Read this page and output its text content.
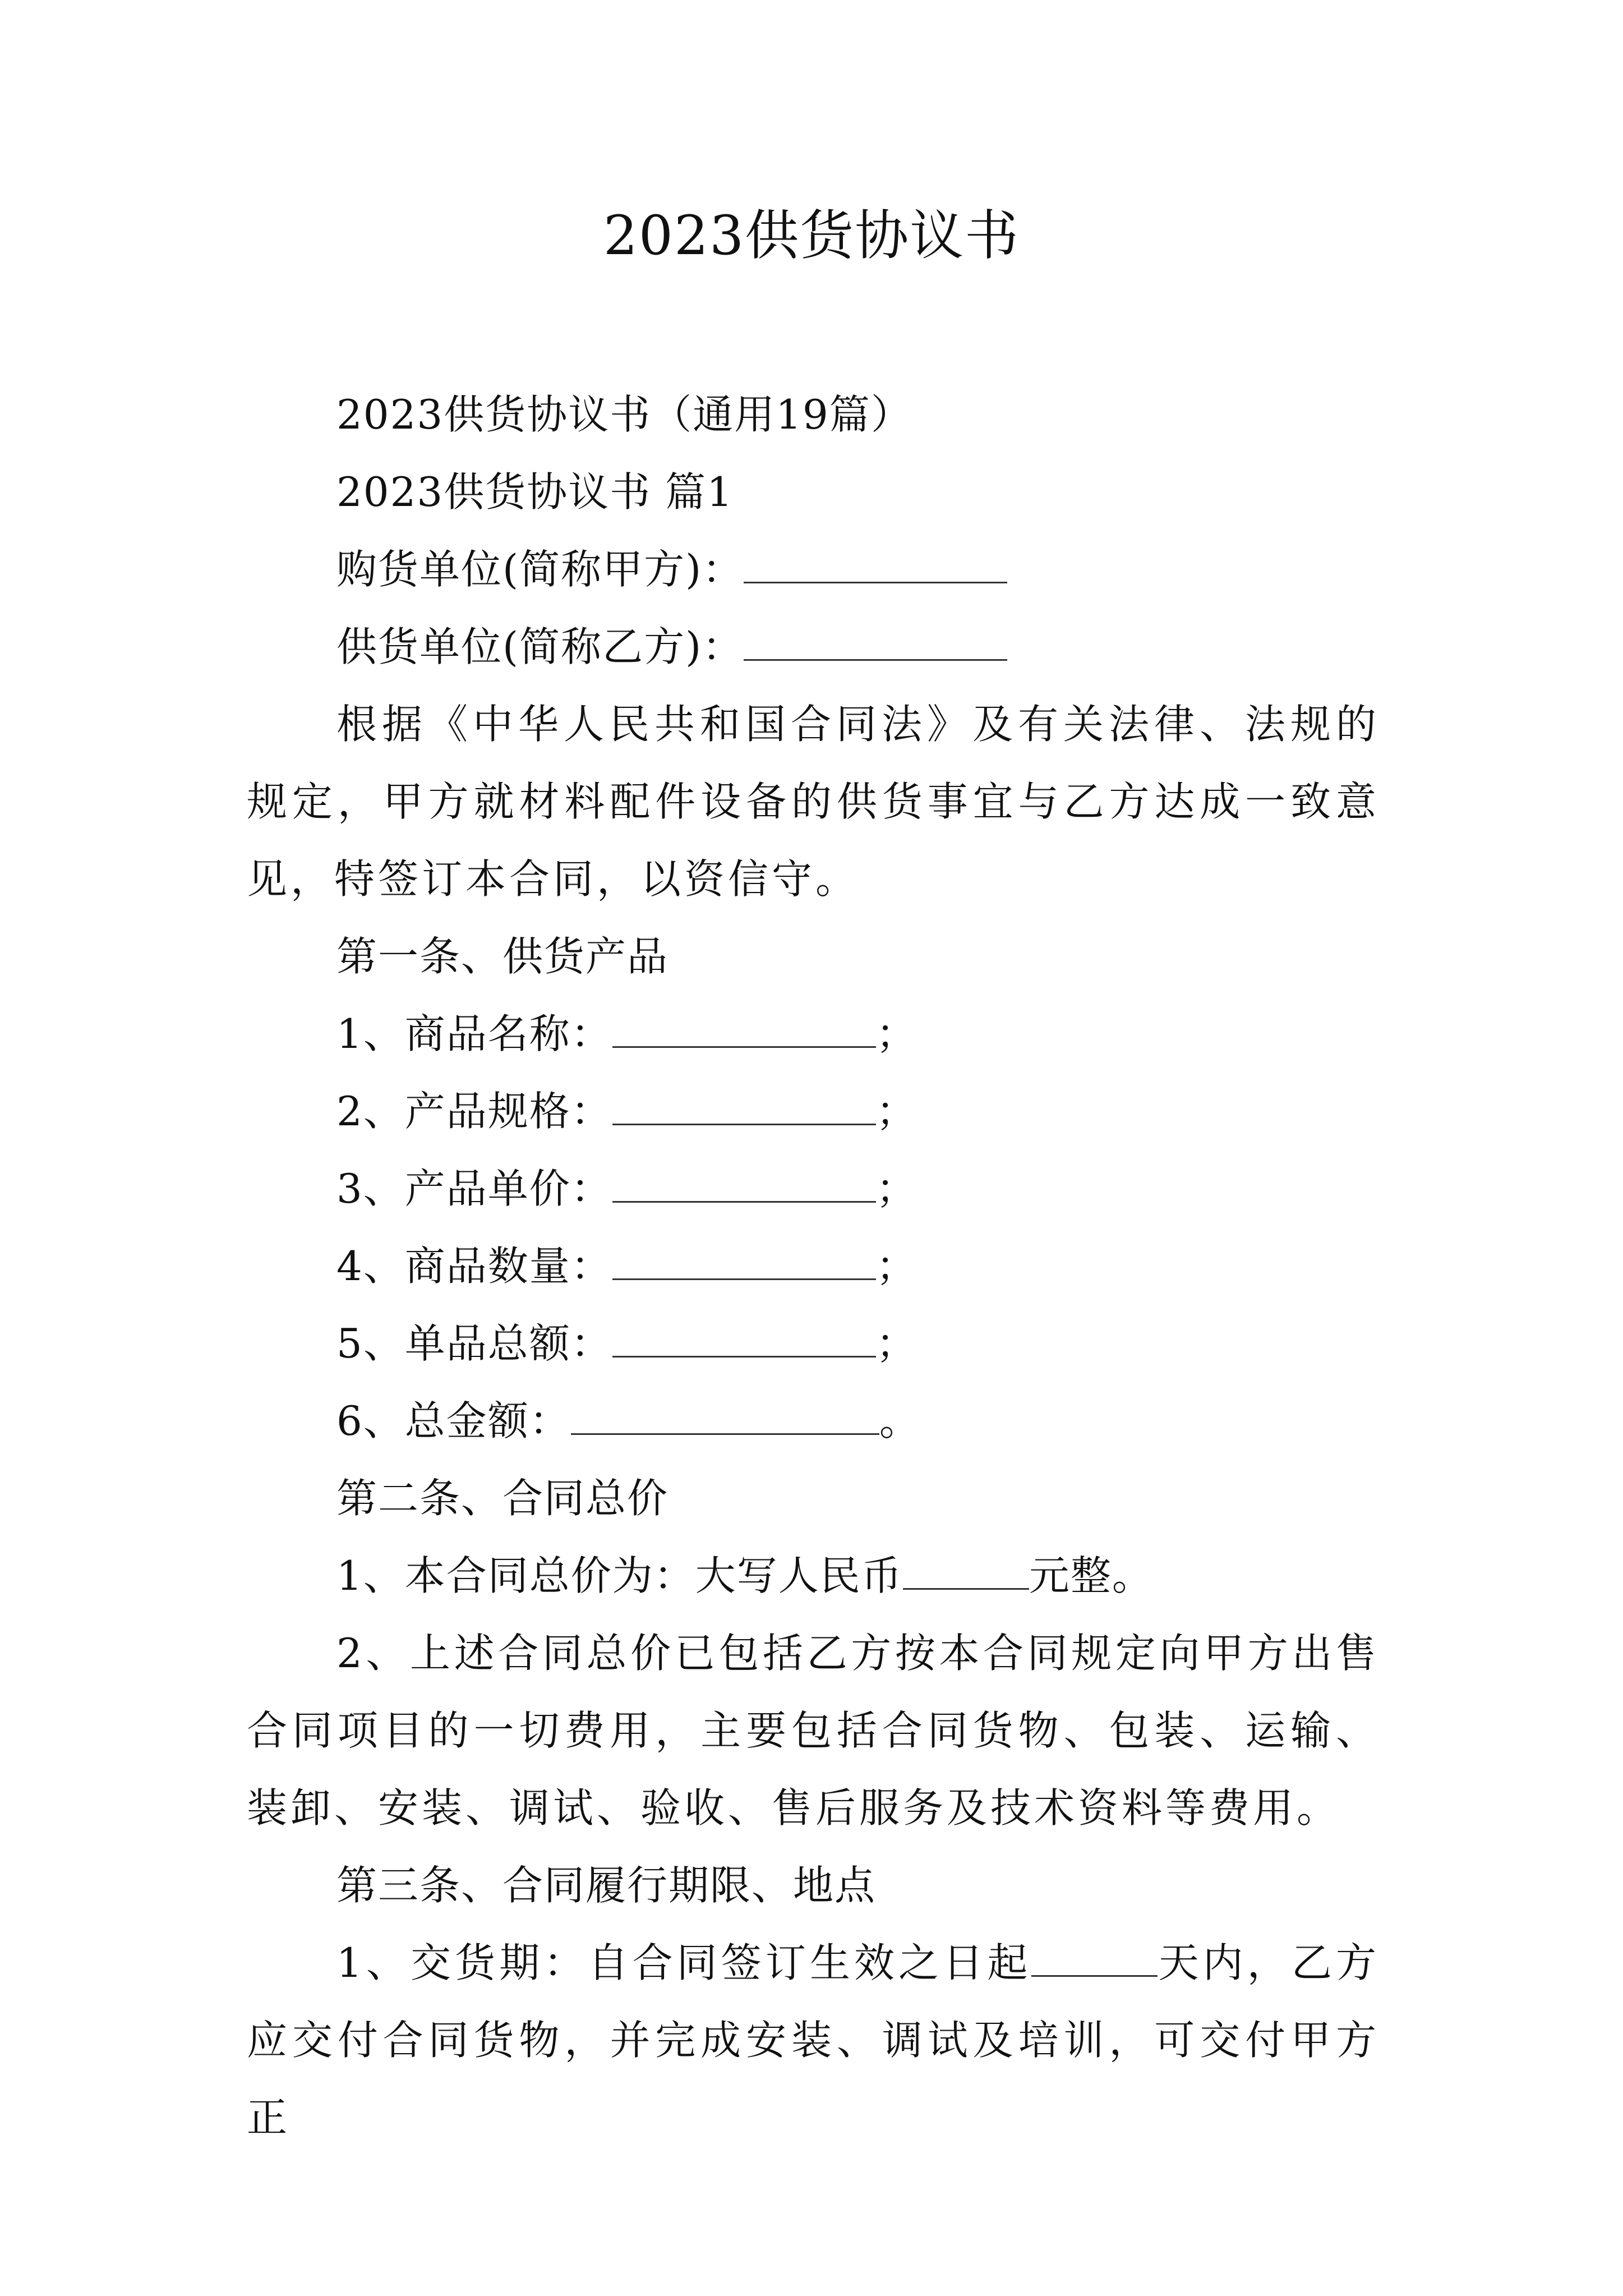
2023供货协议书
2023供货协议书（通用19篇）
2023供货协议书 篇1
购货单位(简称甲方)：
供货单位(简称乙方)：
根据《中华人民共和国合同法》及有关法律、法规的规定，甲方就材料配件设备的供货事宜与乙方达成一致意见，特签订本合同，以资信守。
第一条、供货产品
1、商品名称：	；
2、产品规格：	；
3、产品单价：	；
4、商品数量：	；
5、单品总额：	；
6、总金额：	。
第二条、合同总价
1、本合同总价为：大写人民币	元整。
2、上述合同总价已包括乙方按本合同规定向甲方出售合同项目的一切费用，主要包括合同货物、包装、运输、装卸、安装、调试、验收、售后服务及技术资料等费用。
第三条、合同履行期限、地点
1、交货期：自合同签订生效之日起	天内，乙方应交付合同货物，并完成安装、调试及培训，可交付甲方正
